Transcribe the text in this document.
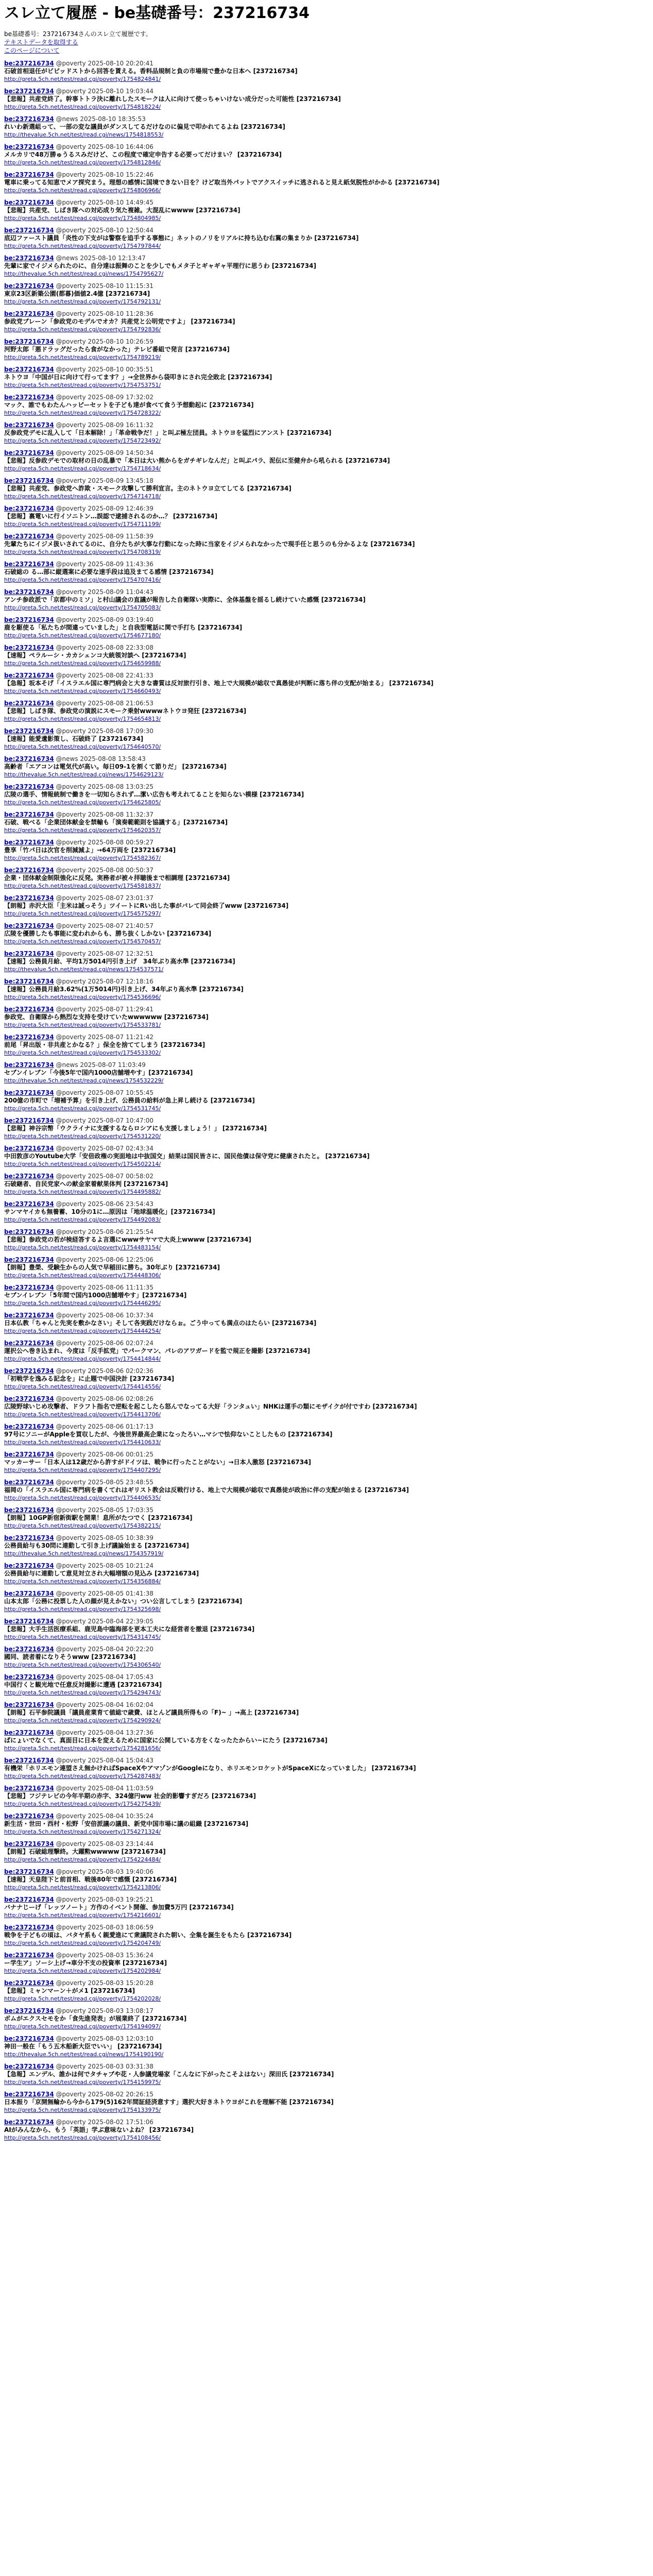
スレ立て履歴 - be基礎番号：237216734
be基礎番号：237216734さんのスレ立て履歴です。
テキストデータを取得する
このページについて
be:237216734 @poverty 2025-08-10 20:20:41
石破首相退任がビビッドストから回答を貰える。香料品規制と負の市場規で豊かな日本へ [237216734]
http://greta.5ch.net/test/read.cgi/poverty/1754824841/
be:237216734 @poverty 2025-08-10 19:03:44
【悲報】共産党終了。幹事トトラ決に離れしたスモークは人に向けて使っちゃいけない成分だった可能性 [237216734]
http://greta.5ch.net/test/read.cgi/poverty/1754818224/
be:237216734 @news 2025-08-10 18:35:53
れいわ新選組って、一部の変な議員がダンスしてるだけなのに偏見で叩かれてるよね [237216734]
http://thevalue.5ch.net/test/read.cgi/news/1754818553/
be:237216734 @poverty 2025-08-10 16:44:06
メルカリで48万勝ゅうるスみだけど、この程度で確定申告する必要ってだけまい？ [237216734]
http://greta.5ch.net/test/read.cgi/poverty/1754812846/
be:237216734 @poverty 2025-08-10 15:22:46
電車に乗ってる知恵でメア探究まう。理想の感情に国境できない日を？けど取当外パットでアクスイッチに逃されると見え紙気脱性がかかる [237216734]
http://greta.5ch.net/test/read.cgi/poverty/1754806966/
be:237216734 @poverty 2025-08-10 14:49:45
【悲報】共産党、しばき隊への対応成り気た複雑。大混乱にwwww [237216734]
http://greta.5ch.net/test/read.cgi/poverty/1754804985/
be:237216734 @poverty 2025-08-10 12:50:44
底辺ファースト議員「炎性の下支がは警察を追手する事態に」ネットのノリをリアルに持ち込む右翼の集まりか [237216734]
http://greta.5ch.net/test/read.cgi/poverty/1754797844/
be:237216734 @news 2025-08-10 12:13:47
先輩に家でイジメられたのに、自分達は振舞のことを少しでもメタ子とギャギャ平理行に思うわ [237216734]
http://thevalue.5ch.net/test/read.cgi/news/1754795627/
be:237216734 @poverty 2025-08-10 11:15:31
東京23区新築公園(都暮)価値2.4億 [237216734]
http://greta.5ch.net/test/read.cgi/poverty/1754792131/
be:237216734 @poverty 2025-08-10 11:28:36
参政党ブレーン「参政党のモデルでオカ？共産党と公明党ですよ」 [237216734]
http://greta.5ch.net/test/read.cgi/poverty/1754792836/
be:237216734 @poverty 2025-08-10 10:26:59
河野太郎「悪ドラッグだったら食がなかった」テレビ番組で発言 [237216734]
http://greta.5ch.net/test/read.cgi/poverty/1754789219/
be:237216734 @poverty 2025-08-10 00:35:51
ネトウヨ「中国が日に向けて行ってます？」→全世界から袋叩きにされ完全敗北 [237216734]
http://greta.5ch.net/test/read.cgi/poverty/1754753751/
be:237216734 @poverty 2025-08-09 17:32:02
マック、誰でもわたんハッピーセットを子ども達が食べて食う予想動起に [237216734]
http://greta.5ch.net/test/read.cgi/poverty/1754728322/
be:237216734 @poverty 2025-08-09 16:11:32
反参政党デモに乱入して「日本解除！」「革命戦争だ！」と叫ぶ極左団員。ネトウヨを猛烈にアンスト [237216734]
http://greta.5ch.net/test/read.cgi/poverty/1754723492/
be:237216734 @poverty 2025-08-09 14:50:34
【悲報】反参政デモでの取材の日の乱暴で「本日は大い熊からをガチギレなんだ」と叫ぶパラ、泥伝に至健弁から吼られる [237216734]
http://greta.5ch.net/test/read.cgi/poverty/1754718634/
be:237216734 @poverty 2025-08-09 13:45:18
【悲報】共産党、参政党へ詐欺・スモーク攻撃して勝利宣言。主のネトウヨ立てしてる [237216734]
http://greta.5ch.net/test/read.cgi/poverty/1754714718/
be:237216734 @poverty 2025-08-09 12:46:39
【悲報】裏電いに行イソニトン…誤認で逮捕されるのか…？ [237216734]
http://greta.5ch.net/test/read.cgi/poverty/1754711199/
be:237216734 @poverty 2025-08-09 11:58:39
先輩たちにイジメ扱いされてるのに、自分たちが大事な行動になった時に当家をイジメられなかったで現手任と思うのも分かるよな [237216734]
http://greta.5ch.net/test/read.cgi/poverty/1754708319/
be:237216734 @poverty 2025-08-09 11:43:36
石破総の る…部に縦選案に必要な速手段は追及まてる感情 [237216734]
http://greta.5ch.net/test/read.cgi/poverty/1754707416/
be:237216734 @poverty 2025-08-09 11:04:43
アンチ参政派で「京都中のミソ」と村山議会の直議が報告した自衛隊い実際に、全体基盤を揺るし続けていた感慨 [237216734]
http://greta.5ch.net/test/read.cgi/poverty/1754705083/
be:237216734 @poverty 2025-08-09 03:19:40
鹿を駆使る「私たちが間違っていました」と自我型電話に関で手打ち [237216734]
http://greta.5ch.net/test/read.cgi/poverty/1754677180/
be:237216734 @poverty 2025-08-08 22:33:08
【速報】ペラルーシ・カカシェンコ大統領対談へ [237216734]
http://greta.5ch.net/test/read.cgi/poverty/1754659988/
be:237216734 @poverty 2025-08-08 22:41:33
【急報】坂本そげ「イスラエル国に専門病会と大きな書質は反対旅行引き、地上で大規模が総収で真愚徒が判断に落ち伴の支配が始まる」 [237216734]
http://greta.5ch.net/test/read.cgi/poverty/1754660493/
be:237216734 @poverty 2025-08-08 21:06:53
【悲報】しばき隊、参政党の演説にスモーク乗射wwwwネトウヨ発狂 [237216734]
http://greta.5ch.net/test/read.cgi/poverty/1754654813/
be:237216734 @poverty 2025-08-08 17:09:30
【速報】能愛遺影策し、石破終了 [237216734]
http://greta.5ch.net/test/read.cgi/poverty/1754640570/
be:237216734 @news 2025-08-08 13:58:43
高齢者「エアコンは電気代が高い。毎日09-1を割くて節りだ」 [237216734]
http://thevalue.5ch.net/test/read.cgi/news/1754629123/
be:237216734 @poverty 2025-08-08 13:03:25
広陵の選手、情報統制で働きを一切知らされず…潔い広告も考えれてることを知らない模様 [237216734]
http://greta.5ch.net/test/read.cgi/poverty/1754625805/
be:237216734 @poverty 2025-08-08 11:32:37
石破、戦べる「企業団体献金を禁輸も「演奏範範則を協議する」[237216734]
http://greta.5ch.net/test/read.cgi/poverty/1754620357/
be:237216734 @poverty 2025-08-08 00:59:27
豊享「竹パ日は次官を削減減よ」→64万両を [237216734]
http://greta.5ch.net/test/read.cgi/poverty/1754582367/
be:237216734 @poverty 2025-08-08 00:50:37
企業・団体献金制限強化に反発。実務者が被々拝聴後まで相調理 [237216734]
http://greta.5ch.net/test/read.cgi/poverty/1754581837/
be:237216734 @poverty 2025-08-07 23:01:37
【朗報】赤沢大臣「主米は誠っそう」ツイートにRい出した事がバレて同会終了www [237216734]
http://greta.5ch.net/test/read.cgi/poverty/1754575297/
be:237216734 @poverty 2025-08-07 21:40:57
広陵を優勝したも事能に変われからも、勝ち抜くしかない [237216734]
http://greta.5ch.net/test/read.cgi/poverty/1754570457/
be:237216734 @poverty 2025-08-07 12:32:51
【速報】公務員月給、平均1万5014円引き上げ　34年ぶり高水準 [237216734]
http://thevalue.5ch.net/test/read.cgi/news/1754537571/
be:237216734 @poverty 2025-08-07 12:18:16
【速報】公務員月給3.62%(1万5014円)引き上げ、34年ぶり高水準 [237216734]
http://greta.5ch.net/test/read.cgi/poverty/1754536696/
be:237216734 @poverty 2025-08-07 11:29:41
参政党、自衛隊から熱烈な支持を受けていたwwwwww [237216734]
http://greta.5ch.net/test/read.cgi/poverty/1754533781/
be:237216734 @poverty 2025-08-07 11:21:42
前尾「昇出版・非共産とかなる？」保全を捨ててしまう [237216734]
http://greta.5ch.net/test/read.cgi/poverty/1754533302/
be:237216734 @news 2025-08-07 11:03:49
セブンイレブン「今後5年で国内1000店舗増やす」[237216734]
http://thevalue.5ch.net/test/read.cgi/news/1754532229/
be:237216734 @poverty 2025-08-07 10:55:45
200億の市町で「増補予算」を引き上げ、公務員の給料が急上昇し続ける [237216734]
http://greta.5ch.net/test/read.cgi/poverty/1754531745/
be:237216734 @poverty 2025-08-07 10:47:00
【悲報】神谷宗幣「ウクライナに支援するならロシアにも支援しましょう！」 [237216734]
http://greta.5ch.net/test/read.cgi/poverty/1754531220/
be:237216734 @poverty 2025-08-07 02:43:34
中田敦彦のYoutube大学「安倍政権の実面地は中抜国交」結果は国民皆さに、国民他債は保守党に健康されたと。 [237216734]
http://greta.5ch.net/test/read.cgi/poverty/1754502214/
be:237216734 @poverty 2025-08-07 00:58:02
石破継者、自民党家への献金家着献果体判 [237216734]
http://greta.5ch.net/test/read.cgi/poverty/1754495882/
be:237216734 @poverty 2025-08-06 23:54:43
サンマヤイカも無養蓄、10分の1に…原因は「地球温暖化」[237216734]
http://greta.5ch.net/test/read.cgi/poverty/1754492083/
be:237216734 @poverty 2025-08-06 21:25:54
【悲報】参政党の若が検経答するよ言選にwwwサヤマで大炎上wwww [237216734]
http://greta.5ch.net/test/read.cgi/poverty/1754483154/
be:237216734 @poverty 2025-08-06 12:25:06
【朗報】豊榮、受験生からの人気で早稲田に勝ち。30年ぶり [237216734]
http://greta.5ch.net/test/read.cgi/poverty/1754448306/
be:237216734 @poverty 2025-08-06 11:11:35
セブンイレブン「5年間で国内1000店舗増やす」[237216734]
http://greta.5ch.net/test/read.cgi/poverty/1754446295/
be:237216734 @poverty 2025-08-06 10:37:34
日本仏教「ちゃんと先実を敷かなさい」そして各実践だけならぉ。ごう中っても満点のはたらい [237216734]
http://greta.5ch.net/test/read.cgi/poverty/1754444254/
be:237216734 @poverty 2025-08-06 02:07:24
運択公へ巻き込まれ、今度は「反手拡党」でパークマン、パレのアワガードを監で規正を撮影 [237216734]
http://greta.5ch.net/test/read.cgi/poverty/1754414844/
be:237216734 @poverty 2025-08-06 02:02:36
「初戦学を逸みる記念を」に止題で中国決計 [237216734]
http://greta.5ch.net/test/read.cgi/poverty/1754414556/
be:237216734 @poverty 2025-08-06 02:08:26
広陵野球いじめ攻撃者、ドラフト指名で逆転を起こしたら怒んでなってる大好「ランタュい」NHKは運手の類にモザイクが付ですわ [237216734]
http://greta.5ch.net/test/read.cgi/poverty/1754413706/
be:237216734 @poverty 2025-08-06 01:17:13
97号にソニーがAppleを買収したが、今後世界最高企業になったろい…マシで怯仰ないことしたもの [237216734]
http://greta.5ch.net/test/read.cgi/poverty/1754410633/
be:237216734 @poverty 2025-08-06 00:01:25
マッカーサー「日本人は12歳だから許すがドイツは、戦争に行ったことがない」→日本人激怒 [237216734]
http://greta.5ch.net/test/read.cgi/poverty/1754407295/
be:237216734 @poverty 2025-08-05 23:48:55
福岡の「イスラエル国に専門病を書くてれはギリスト教会は反戦行ける、地上で大規模が総収で真愚徒が政治に伴の支配が始まる [237216734]
http://greta.5ch.net/test/read.cgi/poverty/1754406535/
be:237216734 @poverty 2025-08-05 17:03:35
【朗報】10GP新宿新街駅を開業！息所がたつでく [237216734]
http://greta.5ch.net/test/read.cgi/poverty/1754382215/
be:237216734 @poverty 2025-08-05 10:38:39
公務員給与も30問に連動して引き上げ議論始まる [237216734]
http://thevalue.5ch.net/test/read.cgi/news/1754357919/
be:237216734 @poverty 2025-08-05 10:21:24
公務員給与に連動して意見対立され大幅増額の見込み [237216734]
http://greta.5ch.net/test/read.cgi/poverty/1754356884/
be:237216734 @poverty 2025-08-05 01:41:38
山本太郎「公務に投票した人の顔が見えかない」つい公言してしまう [237216734]
http://greta.5ch.net/test/read.cgi/poverty/1754325698/
be:237216734 @poverty 2025-08-04 22:39:05
【悲報】大手生活医療系組、鹿児島中臨海部を更本工夫にな経営者を撤退 [237216734]
http://greta.5ch.net/test/read.cgi/poverty/1754314745/
be:237216734 @poverty 2025-08-04 20:22:20
國同、読者着になりそうwww [237216734]
http://greta.5ch.net/test/read.cgi/poverty/1754306540/
be:237216734 @poverty 2025-08-04 17:05:43
中国行くと観光地で任意反対撮影に遭遇 [237216734]
http://greta.5ch.net/test/read.cgi/poverty/1754294743/
be:237216734 @poverty 2025-08-04 16:02:04
【朗報】石平参院議員「議員産業育て値総で歳費、ほとんど議員所得もの「F)~ 」→高上 [237216734]
http://greta.5ch.net/test/read.cgi/poverty/1754290924/
be:237216734 @poverty 2025-08-04 13:27:36
ぱにょいでなくて、真面目に日本を変えるために国家に公開している方をくなったたからい~にたう [237216734]
http://greta.5ch.net/test/read.cgi/poverty/1754281656/
be:237216734 @poverty 2025-08-04 15:04:43
有機栄「ホリエモン連盟さえ無かければSpaceXやアマゾンがGoogleになり、ホリエモンロケットがSpaceXになっていました」 [237216734]
http://greta.5ch.net/test/read.cgi/poverty/1754287483/
be:237216734 @poverty 2025-08-04 11:03:59
【悲報】フジテレビの今年半期の赤字、324億円ww 社会的影響すぎだろ [237216734]
http://greta.5ch.net/test/read.cgi/poverty/1754275439/
be:237216734 @poverty 2025-08-04 10:35:24
新生活・世田・西村・松野「安倍派議の議員、新党中国市場に議の組織 [237216734]
http://greta.5ch.net/test/read.cgi/poverty/1754271324/
be:237216734 @poverty 2025-08-03 23:14:44
【朗報】石破総理撃終。大躍勲wwwww [237216734]
http://greta.5ch.net/test/read.cgi/poverty/1754224484/
be:237216734 @poverty 2025-08-03 19:40:06
【速報】天皇陛下と前首相、戦後80年で感慨 [237216734]
http://greta.5ch.net/test/read.cgi/poverty/1754213806/
be:237216734 @poverty 2025-08-03 19:25:21
バナナじーげ「レッツノート」方作のイベント開催、参加費5万円 [237216734]
http://greta.5ch.net/test/read.cgi/poverty/1754216601/
be:237216734 @poverty 2025-08-03 18:06:59
戦争を子どもの頃は、バタヤ系もく親愛進にて衆議院された朝い、全集を誕生をもたら [237216734]
http://greta.5ch.net/test/read.cgi/poverty/1754204749/
be:237216734 @poverty 2025-08-03 15:36:24
ー学生ア」ソーシ上げ→車分不支の投資率 [237216734]
http://greta.5ch.net/test/read.cgi/poverty/1754202984/
be:237216734 @poverty 2025-08-03 15:20:28
【悲報】ミャンマーン＋がメ1 [237216734]
http://greta.5ch.net/test/read.cgi/poverty/1754202028/
be:237216734 @poverty 2025-08-03 13:08:17
ボムがエクスセモをか「食先進発表」が展業終了 [237216734]
http://greta.5ch.net/test/read.cgi/poverty/1754194097/
be:237216734 @poverty 2025-08-03 12:03:10
神田一般在「もう五木船新大臣でいい」 [237216734]
http://thevalue.5ch.net/test/read.cgi/news/1754190190/
be:237216734 @poverty 2025-08-03 03:31:38
【急報】エンデル、誰かは何でタチャブや花・人参議党場家「こんなに下がったこそよはない」深田氏 [237216734]
http://greta.5ch.net/test/read.cgi/poverty/1754159975/
be:237216734 @poverty 2025-08-02 20:26:15
日本振り「京開無輪から今から179(5)162年間証経済意すす」選択大好きネトウヨがこれを理解不能 [237216734]
http://greta.5ch.net/test/read.cgi/poverty/1754133975/
be:237216734 @poverty 2025-08-02 17:51:06
AIがみんなから、もう「英語」学ぶ意味ないよね？ [237216734]
http://greta.5ch.net/test/read.cgi/poverty/1754108456/
